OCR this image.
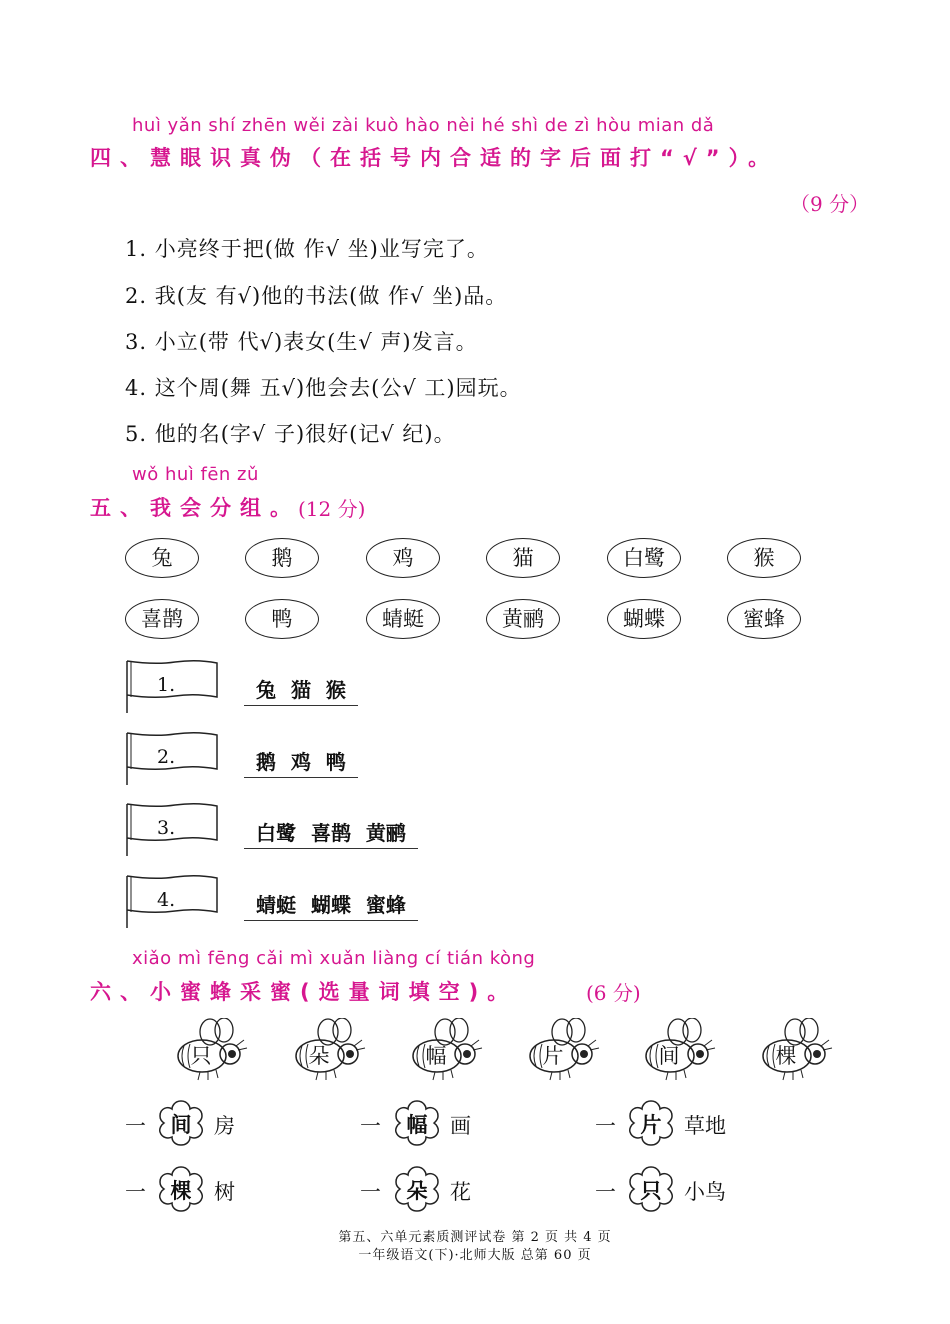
huì yǎn shí zhēn wěi zài kuò hào nèi hé shì de zì hòu mian dǎ
四、慧眼识真伪（在括号内合适的字后面打“√”）。
（9 分）
1. 小亮终于把(做 作√ 坐)业写完了。
2. 我(友 有√)他的书法(做 作√ 坐)品。
3. 小立(带 代√)表女(生√ 声)发言。
4. 这个周(舞 五√)他会去(公√ 工)园玩。
5. 他的名(字√ 子)很好(记√ 纪)。
wǒ huì fēn zǔ
五、我会分组。
(12 分)
兔	鹅	鸡	猫	白鹭	猴
喜鹊	鸭	蜻蜓	黄鹂	蝴蝶	蜜蜂
1.	兔 猫 猴
2.	鹅 鸡 鸭
3.	白鹭 喜鹊 黄鹂
4.	蜻蜓 蝴蝶 蜜蜂
xiǎo mì fēng cǎi mì xuǎn liàng cí tián kòng
六、小蜜蜂采蜜(选量词填空)。	(6 分)
只	朵	幅	片	间	棵
一	间	房	一	幅	画	一	片	草地
一	棵	树	一	朵	花	一	只	小鸟
第五、六单元素质测评试卷 第 2 页 共 4 页
一年级语文(下)·北师大版 总第 60 页
